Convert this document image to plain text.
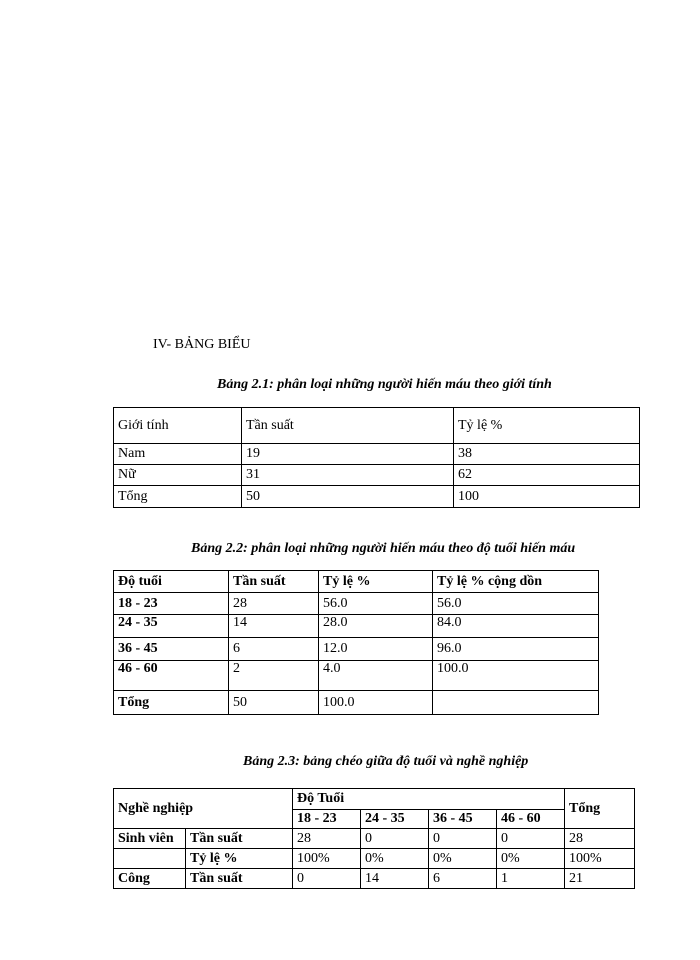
IV- BẢNG BIỂU
Bảng 2.1: phân loại những người hiến máu theo giới tính
Giới tính	Tần suất	Tỷ lệ %
Nam	19	38
Nữ	31	62
Tổng	50	100
Bảng 2.2: phân loại những người hiến máu theo độ tuổi hiến máu
Độ tuổi	Tần suất	Tỷ lệ %	Tỷ lệ % cộng dồn
18 - 23	28	56.0	56.0
24 - 35	14	28.0	84.0
36 - 45	6	12.0	96.0
46 - 60	2	4.0	100.0
Tổng	50	100.0	
Bảng 2.3: bảng chéo giữa độ tuổi và nghề nghiệp
Nghề nghiệp		Độ Tuổi				Tổng
		18 - 23	24 - 35	36 - 45	46 - 60	
Sinh viên	Tần suất	28	0	0	0	28
	Tỷ lệ %	100%	0%	0%	0%	100%
Công	Tần suất	0	14	6	1	21
